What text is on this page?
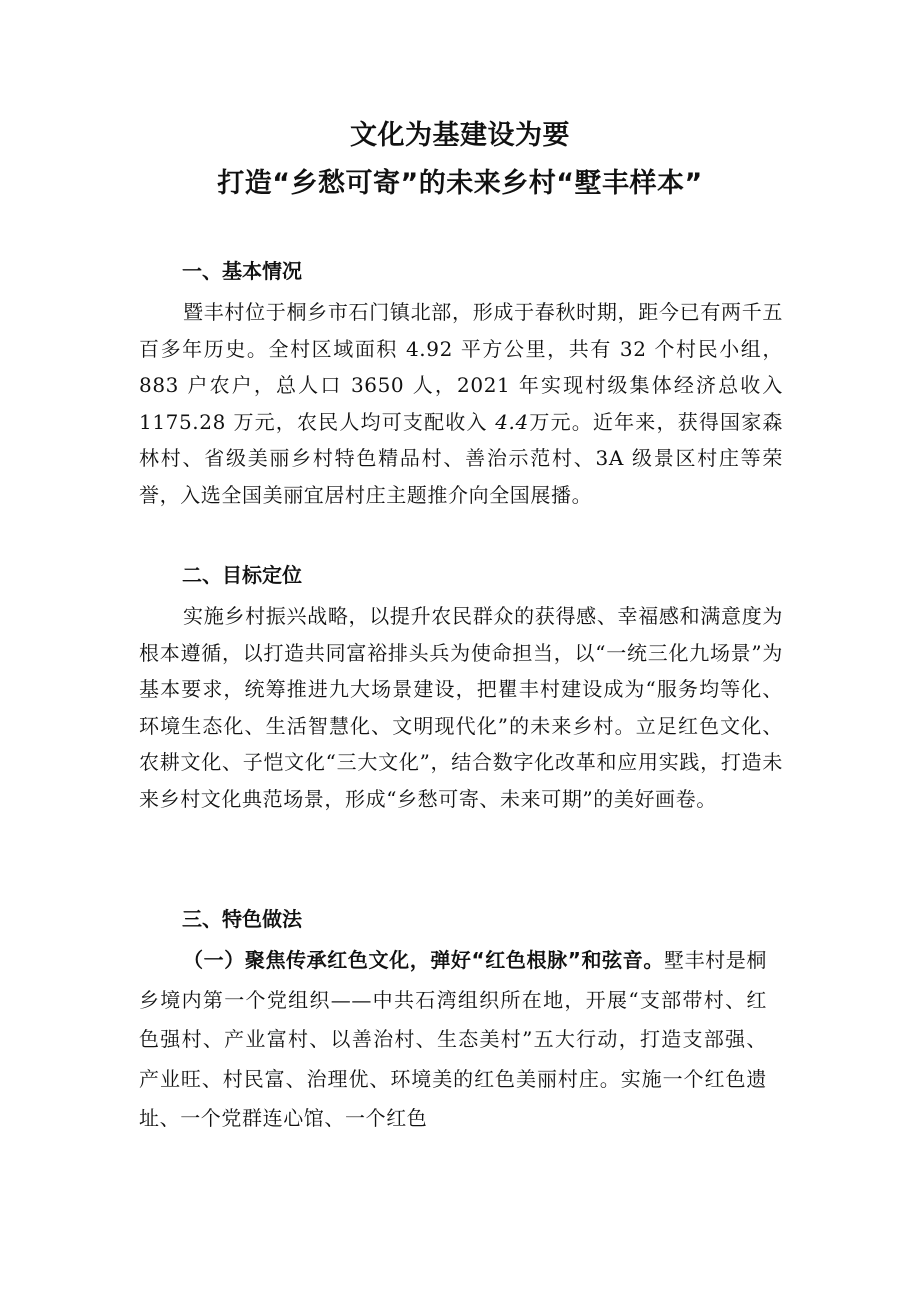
文化为基建设为要
打造“乡愁可寄”的未来乡村“墅丰样本”
一、基本情况

暨丰村位于桐乡市石门镇北部，形成于春秋时期，距今已有两千五百多年历史。全村区域面积 4.92 平方公里，共有 32 个村民小组，883 户农户，总人口 3650 人，2021 年实现村级集体经济总收入 1175.28 万元，农民人均可支配收入 4.4万元。近年来，获得国家森林村、省级美丽乡村特色精品村、善治示范村、3A 级景区村庄等荣誉，入选全国美丽宜居村庄主题推介向全国展播。

二、目标定位

实施乡村振兴战略，以提升农民群众的获得感、幸福感和满意度为根本遵循，以打造共同富裕排头兵为使命担当，以“一统三化九场景”为基本要求，统筹推进九大场景建设，把瞿丰村建设成为“服务均等化、环境生态化、生活智慧化、文明现代化”的未来乡村。立足红色文化、农耕文化、子恺文化“三大文化”，结合数字化改革和应用实践，打造未来乡村文化典范场景，形成“乡愁可寄、未来可期”的美好画卷。

三、特色做法

（一）聚焦传承红色文化，弹好“红色根脉”和弦音。墅丰村是桐乡境内第一个党组织——中共石湾组织所在地，开展“支部带村、红色强村、产业富村、以善治村、生态美村”五大行动，打造支部强、产业旺、村民富、治理优、环境美的红色美丽村庄。实施一个红色遗址、一个党群连心馆、一个红色
